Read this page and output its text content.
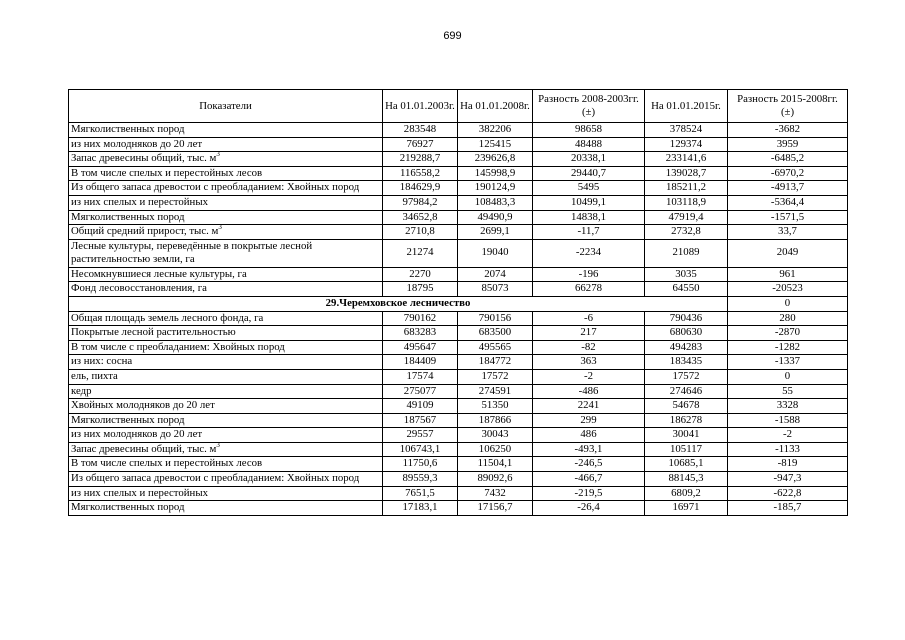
699
Показатели	На 01.01.2003г.	На 01.01.2008г.	Разность 2008-2003гг. (±)	На 01.01.2015г.	Разность 2015-2008гг. (±)
Мягколиственных пород	283548	382206	98658	378524	-3682
из них молодняков до 20 лет	76927	125415	48488	129374	3959
Запас древесины общий, тыс. $м^3$	219288,7	239626,8	20338,1	233141,6	-6485,2
В том числе спелых и перестойных лесов	116558,2	145998,9	29440,7	139028,7	-6970,2
Из общего запаса древостои с преобладанием: Хвойных пород	184629,9	190124,9	5495	185211,2	-4913,7
из них спелых и перестойных	97984,2	108483,3	10499,1	103118,9	-5364,4
Мягколиственных пород	34652,8	49490,9	14838,1	47919,4	-1571,5
Общий средний прирост, тыс. $м^3$	2710,8	2699,1	-11,7	2732,8	33,7
Лесные культуры, переведённые в покрытые лесной растительностью земли, га	21274	19040	-2234	21089	2049
Несомкнувшиеся лесные культуры, га	2270	2074	-196	3035	961
Фонд лесовосстановления, га	18795	85073	66278	64550	-20523
29.Черемховское лесничество					0
Общая площадь земель лесного фонда, га	790162	790156	-6	790436	280
Покрытые лесной растительностью	683283	683500	217	680630	-2870
В том числе с преобладанием: Хвойных пород	495647	495565	-82	494283	-1282
из них: сосна	184409	184772	363	183435	-1337
ель, пихта	17574	17572	-2	17572	0
кедр	275077	274591	-486	274646	55
Хвойных молодняков до 20 лет	49109	51350	2241	54678	3328
Мягколиственных пород	187567	187866	299	186278	-1588
из них молодняков до 20 лет	29557	30043	486	30041	-2
Запас древесины общий, тыс. $м^3$	106743,1	106250	-493,1	105117	-1133
В том числе спелых и перестойных лесов	11750,6	11504,1	-246,5	10685,1	-819
Из общего запаса древостои с преобладанием: Хвойных пород	89559,3	89092,6	-466,7	88145,3	-947,3
из них спелых и перестойных	7651,5	7432	-219,5	6809,2	-622,8
Мягколиственных пород	17183,1	17156,7	-26,4	16971	-185,7
